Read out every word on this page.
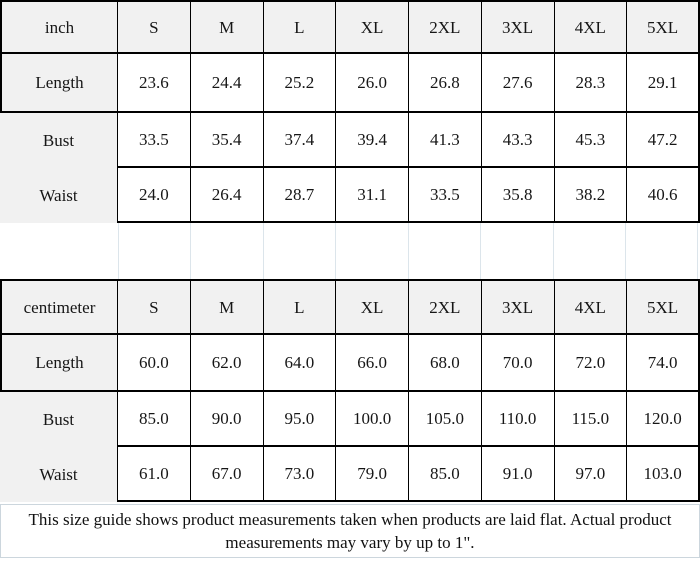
inch	S	M	L	XL	2XL	3XL	4XL	5XL
Length	23.6	24.4	25.2	26.0	26.8	27.6	28.3	29.1
Bust	33.5	35.4	37.4	39.4	41.3	43.3	45.3	47.2
Waist	24.0	26.4	28.7	31.1	33.5	35.8	38.2	40.6
centimeter	S	M	L	XL	2XL	3XL	4XL	5XL
Length	60.0	62.0	64.0	66.0	68.0	70.0	72.0	74.0
Bust	85.0	90.0	95.0	100.0	105.0	110.0	115.0	120.0
Waist	61.0	67.0	73.0	79.0	85.0	91.0	97.0	103.0

This size guide shows product measurements taken when products are laid flat. Actual product measurements may vary by up to 1".
